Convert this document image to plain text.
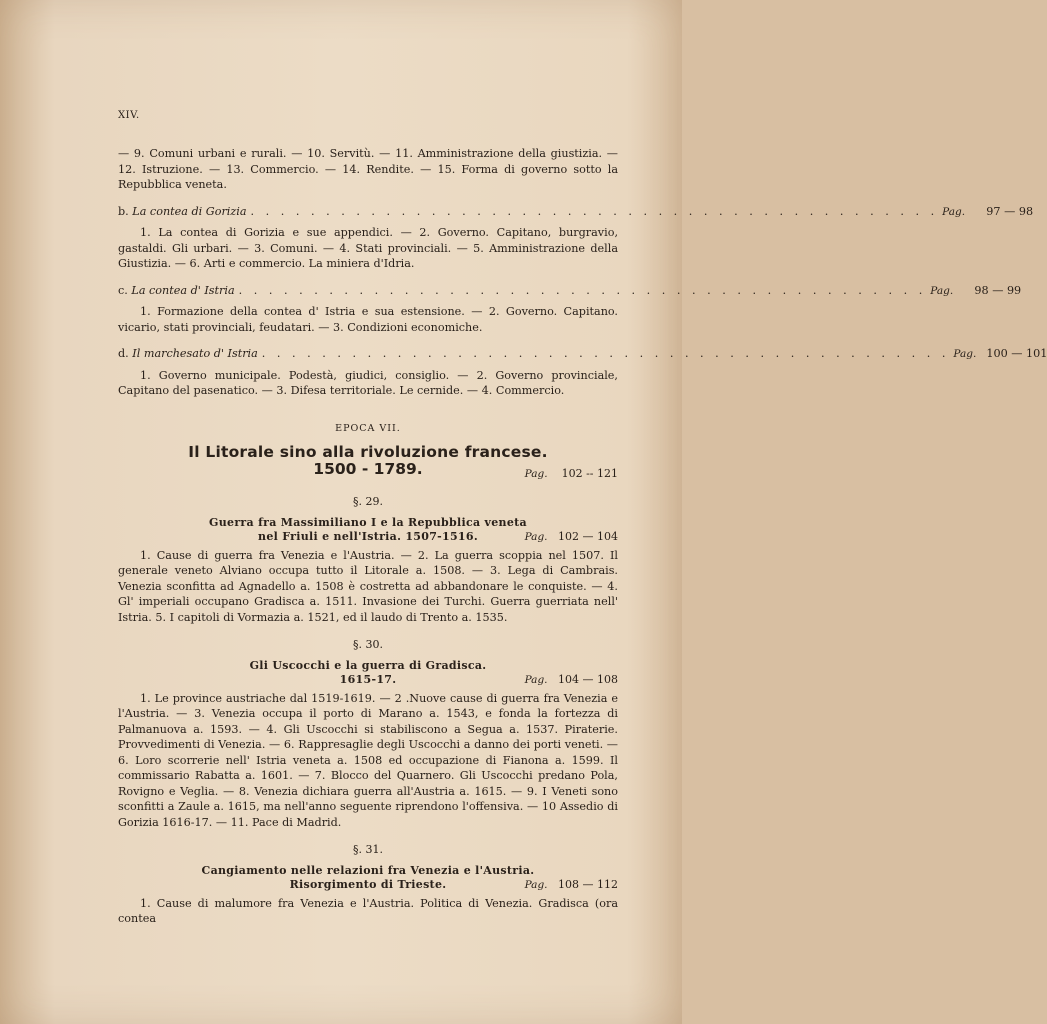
XIV.

— 9. Comuni urbani e rurali. — 10. Servitù. — 11. Amministrazione della giustizia. — 12. Istruzione. — 13. Commercio. — 14. Rendite. — 15. Forma di governo sotto la Repubblica veneta.

b. La contea di Gorizia . . . . . . . . . . . . . . . . . . . . . . . . . . . . . . . . . . . . . . . . . . . . . . Pag.	97 — 98

1. La contea di Gorizia e sue appendici. — 2. Governo. Capitano, burgravio, gastaldi. Gli urbari. — 3. Comuni. — 4. Stati provinciali. — 5. Amministrazione della Giustizia. — 6. Arti e commercio. La miniera d'Idria.

c. La contea d' Istria . . . . . . . . . . . . . . . . . . . . . . . . . . . . . . . . . . . . . . . . . . . . . . Pag.	98 — 99

1. Formazione della contea d' Istria e sua estensione. — 2. Governo. Capitano. vicario, stati provinciali, feudatari. — 3. Condizioni economiche.

d. Il marchesato d' Istria . . . . . . . . . . . . . . . . . . . . . . . . . . . . . . . . . . . . . . . . . . . . . . Pag. 100 — 101

1. Governo municipale. Podestà, giudici, consiglio. — 2. Governo provinciale, Capitano del pasenatico. — 3. Difesa territoriale. Le cernide. — 4. Commercio.

EPOCA VII.
Il Litorale sino alla rivoluzione francese.
1500 - 1789.	Pag. 102 -- 121
§. 29.
Guerra fra Massimiliano I e la Repubblica veneta
nel Friuli e nell'Istria. 1507-1516.	Pag. 102 — 104

1. Cause di guerra fra Venezia e l'Austria. — 2. La guerra scoppia nel 1507. Il generale veneto Alviano occupa tutto il Litorale a. 1508. — 3. Lega di Cambrais. Venezia sconfitta ad Agnadello a. 1508 è costretta ad abbandonare le conquiste. — 4. Gl' imperiali occupano Gradisca a. 1511. Invasione dei Turchi. Guerra guerriata nell' Istria. 5. I capitoli di Vormazia a. 1521, ed il laudo di Trento a. 1535.

§. 30.
Gli Uscocchi e la guerra di Gradisca.
1615-17.	Pag. 104 — 108

1. Le province austriache dal 1519-1619. — 2 .Nuove cause di guerra fra Venezia e l'Austria. — 3. Venezia occupa il porto di Marano a. 1543, e fonda la fortezza di Palmanuova a. 1593. — 4. Gli Uscocchi si stabiliscono a Segua a. 1537. Piraterie. Provvedimenti di Venezia. — 6. Rappresaglie degli Uscocchi a danno dei porti veneti. — 6. Loro scorrerie nell' Istria veneta a. 1508 ed occupazione di Fianona a. 1599. Il commissario Rabatta a. 1601. — 7. Blocco del Quarnero. Gli Uscocchi predano Pola, Rovigno e Veglia. — 8. Venezia dichiara guerra all'Austria a. 1615. — 9. I Veneti sono sconfitti a Zaule a. 1615, ma nell'anno seguente riprendono l'offensiva. — 10 Assedio di Gorizia 1616-17. — 11. Pace di Madrid.

§. 31.
Cangiamento nelle relazioni fra Venezia e l'Austria.
Risorgimento di Trieste.	Pag. 108 — 112

1. Cause di malumore fra Venezia e l'Austria. Politica di Venezia. Gradisca (ora contea
